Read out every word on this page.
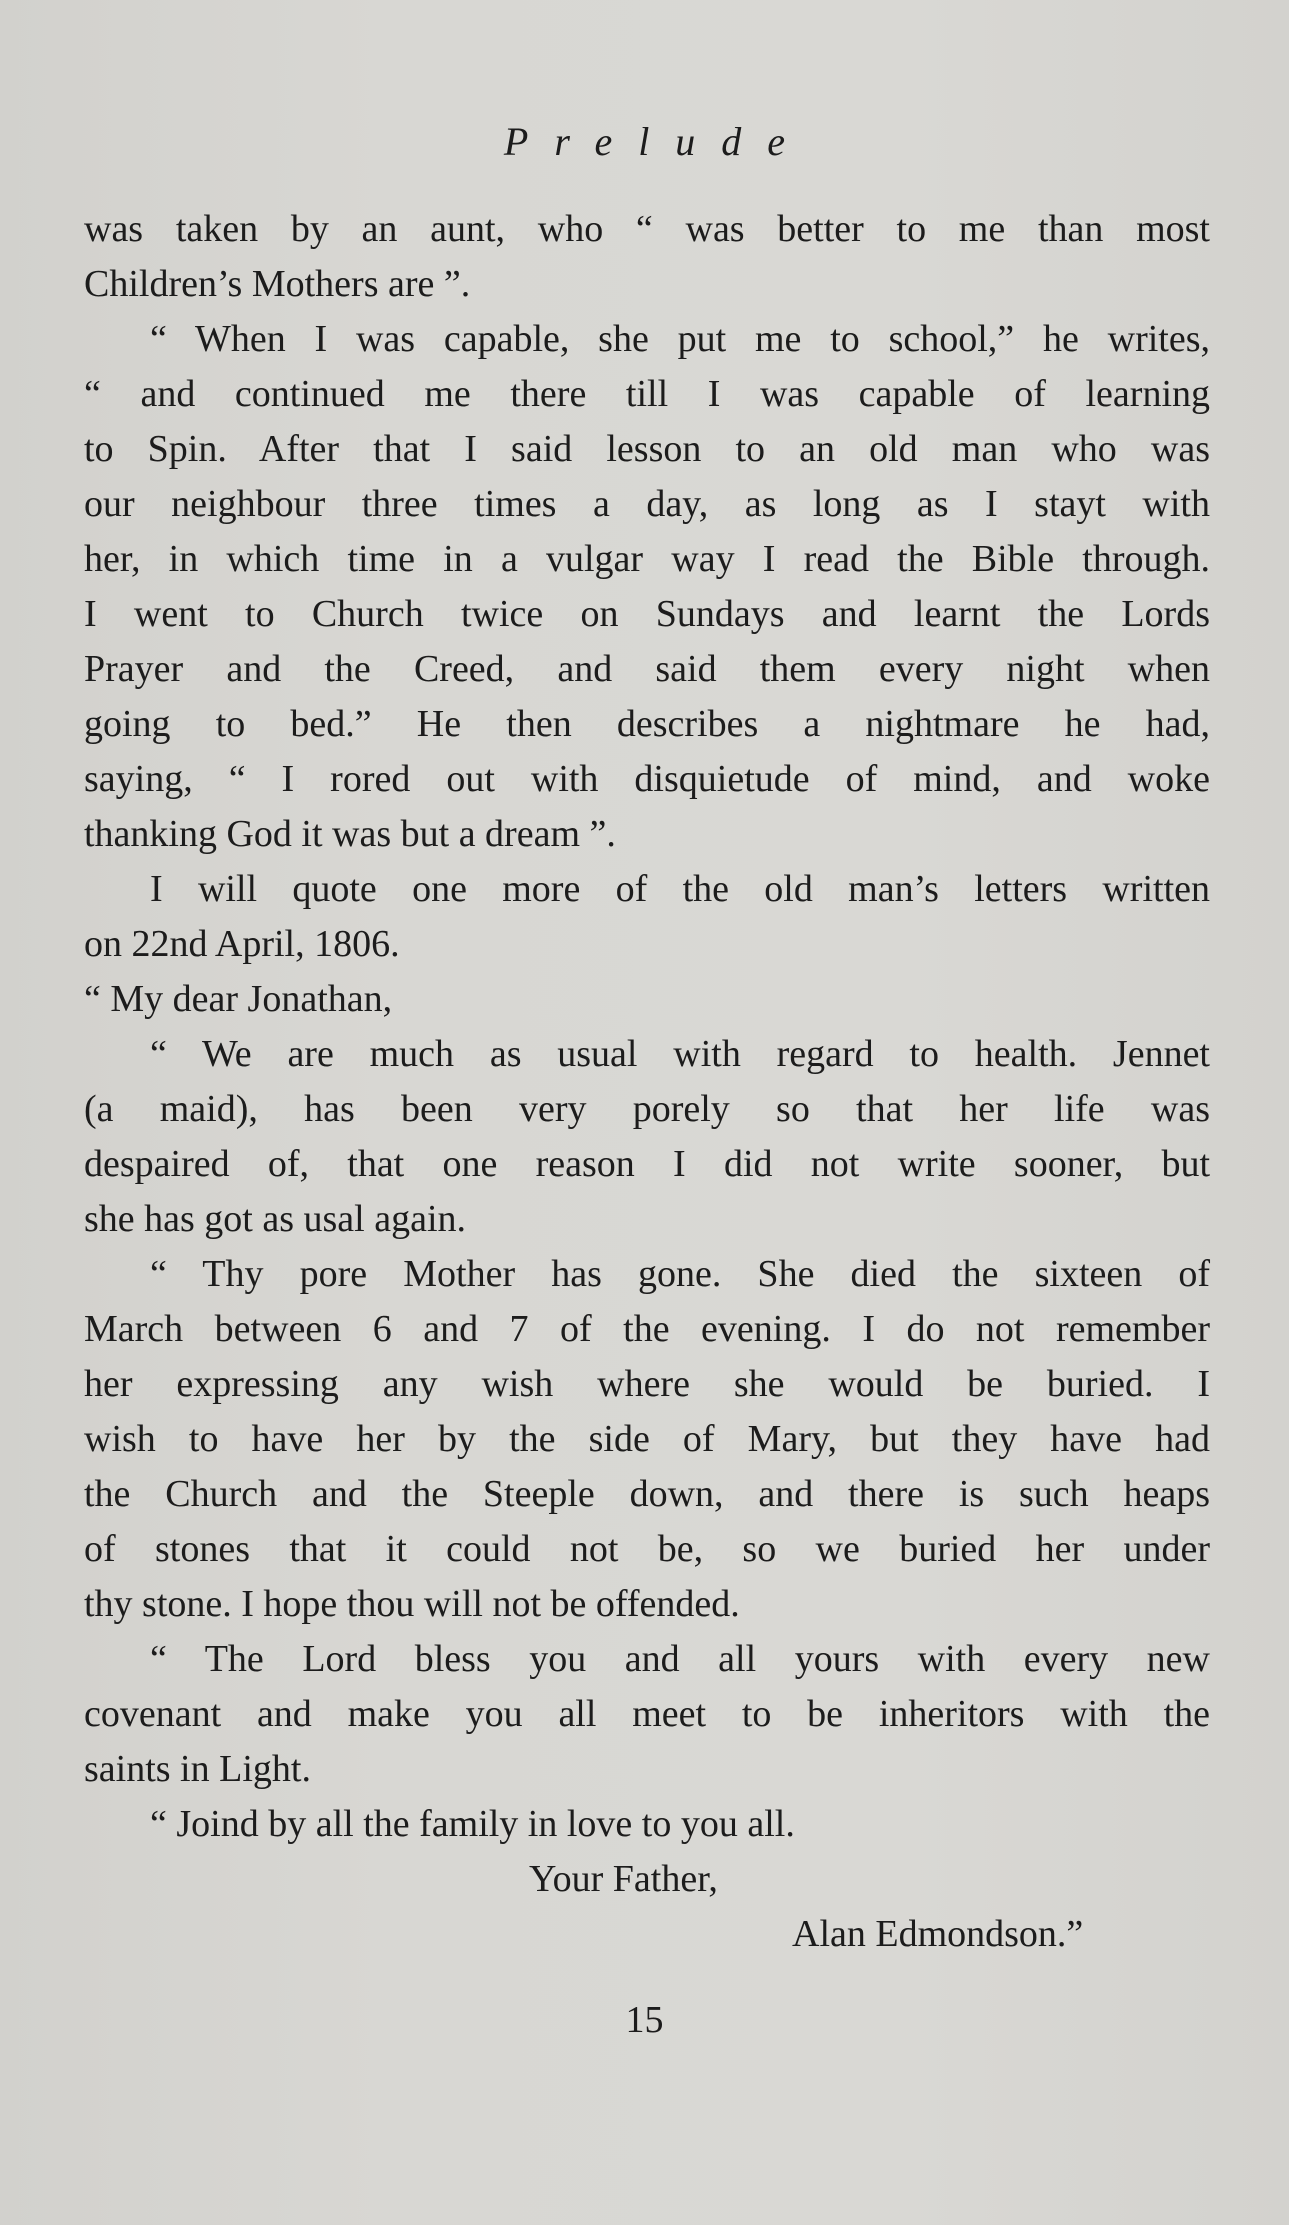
Prelude
was taken by an aunt, who “ was better to me than most
Children’s Mothers are ”.
“ When I was capable, she put me to school,” he writes,
“ and continued me there till I was capable of learning
to Spin. After that I said lesson to an old man who was
our neighbour three times a day, as long as I stayt with
her, in which time in a vulgar way I read the Bible through.
I went to Church twice on Sundays and learnt the Lords
Prayer and the Creed, and said them every night when
going to bed.” He then describes a nightmare he had,
saying, “ I rored out with disquietude of mind, and woke
thanking God it was but a dream ”.
I will quote one more of the old man’s letters written
on 22nd April, 1806.
“ My dear Jonathan,
“ We are much as usual with regard to health. Jennet
(a maid), has been very porely so that her life was
despaired of, that one reason I did not write sooner, but
she has got as usal again.
“ Thy pore Mother has gone. She died the sixteen of
March between 6 and 7 of the evening. I do not remember
her expressing any wish where she would be buried. I
wish to have her by the side of Mary, but they have had
the Church and the Steeple down, and there is such heaps
of stones that it could not be, so we buried her under
thy stone. I hope thou will not be offended.
“ The Lord bless you and all yours with every new
covenant and make you all meet to be inheritors with the
saints in Light.
“ Joind by all the family in love to you all.
Your Father,
Alan Edmondson.”
15
